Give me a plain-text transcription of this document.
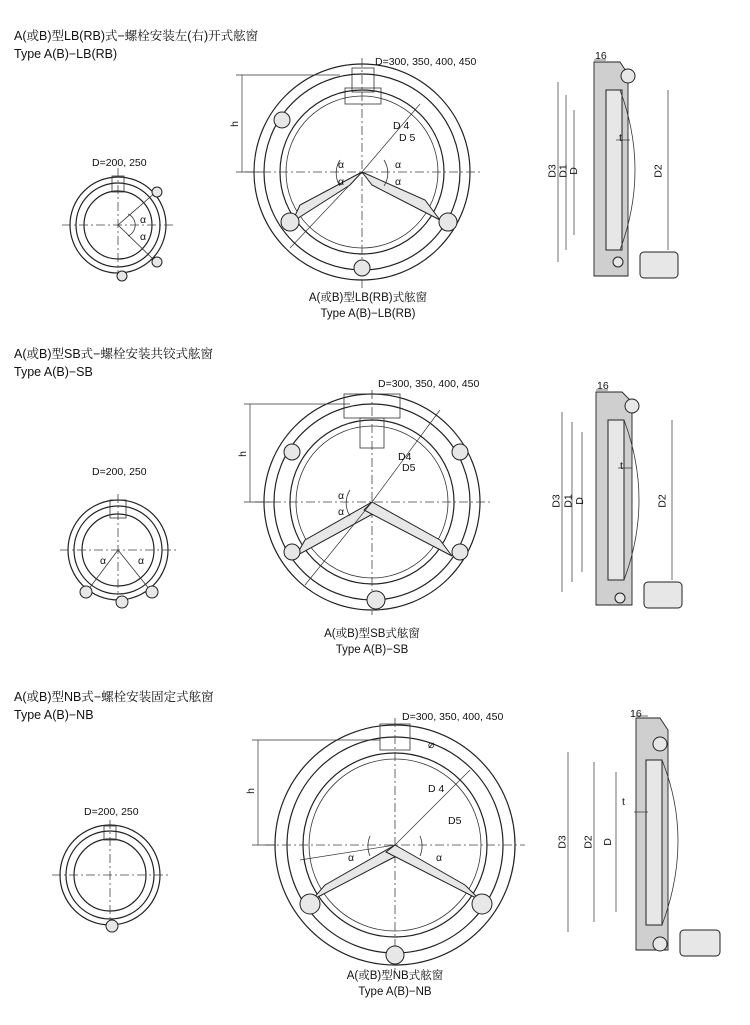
A(或B)型LB(RB)式−螺栓安装左(右)开式舷窗
Type A(B)−LB(RB)
A(或B)型SB式−螺栓安装共铰式舷窗
Type A(B)−SB
A(或B)型NB式−螺栓安装固定式舷窗
Type A(B)−NB
D=200, 250
D=300, 350, 400, 450
h	D 4
D 5
α
α
α
α
α
α
D3 D1
D	D2
t
16
A(或B)型LB(RB)式舷窗
Type A(B)−LB(RB)
D=200, 250
D=300, 350, 400, 450
h	D4
D5
α
α
α	α
D3 D1 D	D2
t
16
A(或B)型SB式舷窗
Type A(B)−SB
D=200, 250
D=300, 350, 400, 450
⌀
h	D 4
D5
α	α
D3 D2 D
t
16
A(或B)型NB式舷窗
Type A(B)−NB
